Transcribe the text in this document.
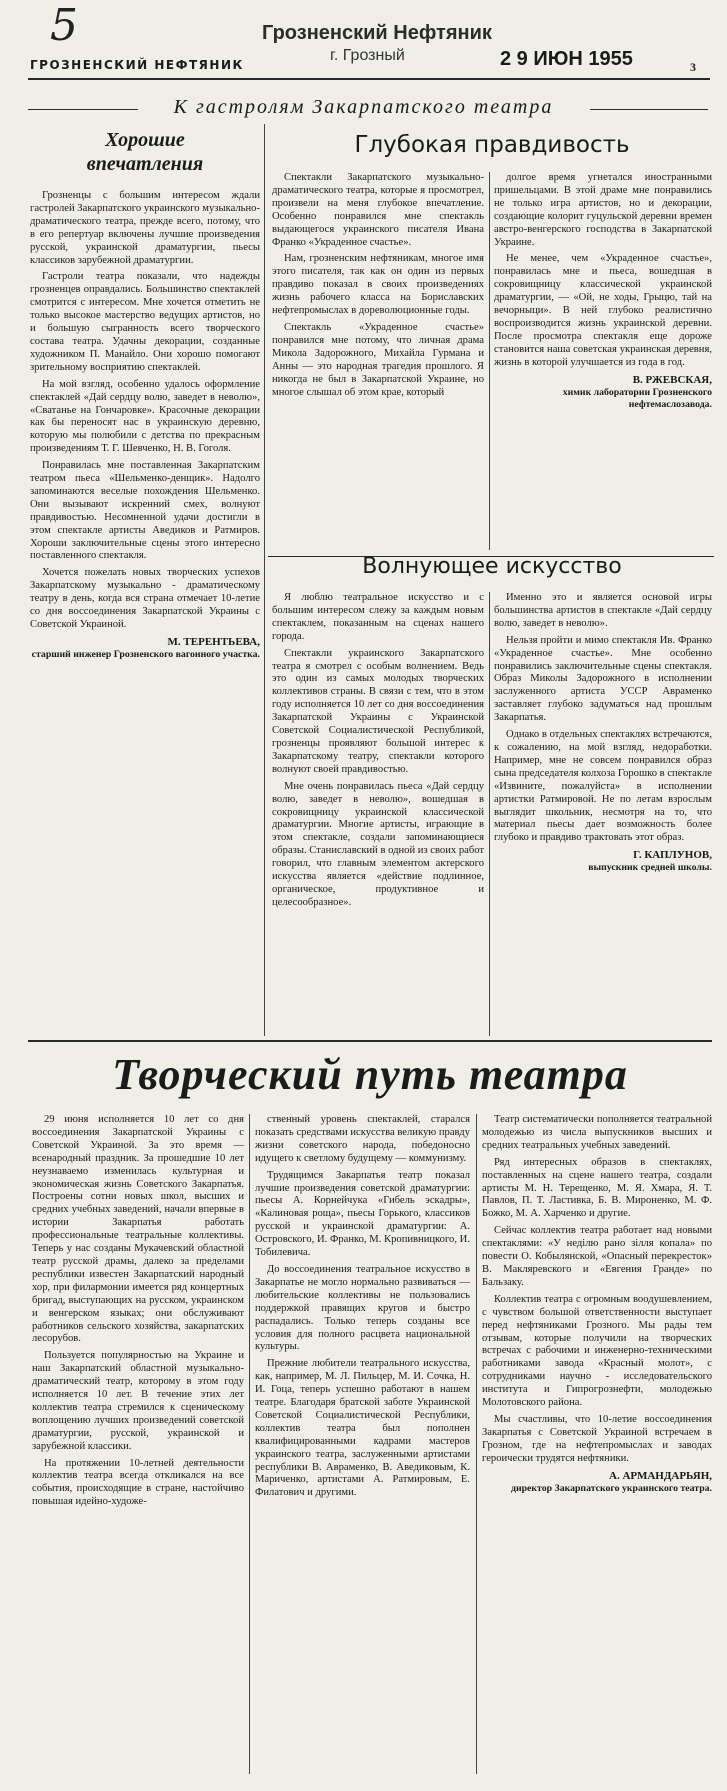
5
ГРОЗНЕНСКИЙ НЕФТЯНИК
Грозненский Нефтяник
г. Грозный	2 9 ИЮН 1955	3
К гастролям Закарпатского театра
Хорошие
впечатления

Грозненцы с большим интересом ждали гастролей Закарпатского украинского музыкально-драматического театра, прежде всего, потому, что в его репертуар включены лучшие произведения русской, украинской драматургии, пьесы классиков зарубежной драматургии.

Гастроли театра показали, что надежды грозненцев оправдались. Большинство спектаклей смотрится с интересом. Мне хочется отметить не только высокое мастерство ведущих артистов, но и большую сыгранность всего творческого состава театра. Удачны декорации, созданные художником П. Манайло. Они хорошо помогают зрительному восприятию спектаклей.

На мой взгляд, особенно удалось оформление спектаклей «Дай сердцу волю, заведет в неволю», «Сватанье на Гончаровке». Красочные декорации как бы переносят нас в украинскую деревню, которую мы полюбили с детства по прекрасным произведениям Т. Г. Шевченко, Н. В. Гоголя.

Понравилась мне поставленная Закарпатским театром пьеса «Шельменко-денщик». Надолго запоминаются веселые похождения Шельменко. Они вызывают искренний смех, волнуют правдивостью. Несомненной удачи достигли в этом спектакле артисты Аведиков и Ратмиров. Хороши заключительные сцены этого интересно поставленного спектакля.

Хочется пожелать новых творческих успехов Закарпатскому музыкально - драматическому театру в день, когда вся страна отмечает 10-летие со дня воссоединения Закарпатской Украины с Советской Украиной.

М. ТЕРЕНТЬЕВА,
старший инженер Грозненского вагонного участка.
Глубокая правдивость

Спектакли Закарпатского музыкально-драматического театра, которые я просмотрел, произвели на меня глубокое впечатление. Особенно понравился мне спектакль выдающегося украинского писателя Ивана Франко «Украденное счастье».

Нам, грозненским нефтяникам, многое имя этого писателя, так как он один из первых правдиво показал в своих произведениях жизнь рабочего класса на Бориславских нефтепромыслах в дореволюционные годы.

Спектакль «Украденное счастье» понравился мне потому, что личная драма Микола Задорожного, Михайла Гурмана и Анны — это народная трагедия прошлого. Я никогда не был в Закарпатской Украине, но многое слышал об этом крае, который

долгое время угнетался иностранными пришельцами. В этой драме мне понравились не только игра артистов, но и декорации, создающие колорит гуцульской деревни времен австро-венгерского господства в Закарпатской Украине.

Не менее, чем «Украденное счастье», понравилась мне и пьеса, вошедшая в сокровищницу классической украинской драматургии, — «Ой, не ходы, Грыцю, тай на вечорныци». В ней глубоко реалистично воспроизводится жизнь украинской деревни. После просмотра спектакля еще дороже становится наша советская украинская деревня, жизнь в которой улучшается из года в год.

В. РЖЕВСКАЯ,
химик лаборатории Грозненского нефтемаслозавода.
Волнующее искусство

Я люблю театральное искусство и с большим интересом слежу за каждым новым спектаклем, показанным на сценах нашего города.

Спектакли украинского Закарпатского театра я смотрел с особым волнением. Ведь это один из самых молодых творческих коллективов страны. В связи с тем, что в этом году исполняется 10 лет со дня воссоединения Закарпатской Украины с Украинской Советской Социалистической Республикой, грозненцы проявляют большой интерес к Закарпатскому театру, спектакли которого волнуют своей правдивостью.

Мне очень понравилась пьеса «Дай сердцу волю, заведет в неволю», вошедшая в сокровищницу украинской классической драматургии. Многие артисты, играющие в этом спектакле, создали запоминающиеся образы. Станиславский в одной из своих работ говорил, что главным элементом актерского искусства является «действие подлинное, органическое, продуктивное и целесообразное».

Именно это и является основой игры большинства артистов в спектакле «Дай сердцу волю, заведет в неволю».

Нельзя пройти и мимо спектакля Ив. Франко «Украденное счастье». Мне особенно понравились заключительные сцены спектакля. Образ Миколы Задорожного в исполнении заслуженного артиста УССР Авраменко заставляет глубоко задуматься над прошлым Закарпатья.

Однако в отдельных спектаклях встречаются, к сожалению, на мой взгляд, недоработки. Например, мне не совсем понравился образ сына председателя колхоза Горошко в спектакле «Извините, пожалуйста» в исполнении артистки Ратмировой. Не по летам взрослым выглядит школьник, несмотря на то, что материал пьесы дает возможность более глубоко и правдиво трактовать этот образ.

Г. КАПЛУНОВ,
выпускник средней школы.
Творческий путь театра

29 июня исполняется 10 лет со дня воссоединения Закарпатской Украины с Советской Украиной. За это время — всенародный праздник. За прошедшие 10 лет неузнаваемо изменилась культурная и экономическая жизнь Советского Закарпатья. Построены сотни новых школ, высших и средних учебных заведений, начали впервые в истории Закарпатья работать профессиональные театральные коллективы. Теперь у нас созданы Мукачевский областной театр русской драмы, далеко за пределами республики известен Закарпатский народный хор, при филармонии имеется ряд концертных бригад, выступающих на русском, украинском и венгерском языках; они обслуживают работников сельского хозяйства, закарпатских лесорубов.

Пользуется популярностью на Украине и наш Закарпатский областной музыкально-драматический театр, которому в этом году исполняется 10 лет. В течение этих лет коллектив театра стремился к сценическому воплощению лучших произведений советской драматургии, русской, украинской и зарубежной классики.

На протяжении 10-летней деятельности коллектив театра всегда откликался на все события, происходящие в стране, настойчиво повышая идейно-художе-

ственный уровень спектаклей, старался показать средствами искусства великую правду жизни советского народа, победоносно идущего к светлому будущему — коммунизму.

Трудящимся Закарпатья театр показал лучшие произведения советской драматургии: пьесы А. Корнейчука «Гибель эскадры», «Калиновая роща», пьесы Горького, классиков русской и украинской драматургии: А. Островского, И. Франко, М. Кропивницкого, И. Тобилевича.

До воссоединения театральное искусство в Закарпатье не могло нормально развиваться — любительские коллективы не пользовались поддержкой правящих кругов и быстро распадались. Только теперь созданы все условия для полного расцвета национальной культуры.

Прежние любители театрального искусства, как, например, М. Л. Пильцер, М. И. Сочка, Н. И. Гоца, теперь успешно работают в нашем театре. Благодаря братской заботе Украинской Советской Социалистической Республики, коллектив театра был пополнен квалифицированными кадрами мастеров украинского театра, заслуженными артистами республики В. Авраменко, В. Аведиковым, К. Мариченко, артистами А. Ратмировым, Е. Филатович и другими.

Театр систематически пополняется театральной молодежью из числа выпускников высших и средних театральных учебных заведений.

Ряд интересных образов в спектаклях, поставленных на сцене нашего театра, создали артисты М. Н. Терещенко, М. Я. Хмара, Я. Т. Павлов, П. Т. Ластивка, Б. В. Мироненко, М. Ф. Божко, М. А. Харченко и другие.

Сейчас коллектив театра работает над новыми спектаклями: «У неділю рано зілля копала» по повести О. Кобылянской, «Опасный перекресток» В. Макляревского и «Евгения Гранде» по Бальзаку.

Коллектив театра с огромным воодушевлением, с чувством большой ответственности выступает перед нефтяниками Грозного. Мы рады тем отзывам, которые получили на творческих встречах с рабочими и инженерно-техническими работниками завода «Красный молот», с сотрудниками научно - исследовательского института и Гипрогрознефти, молодежью Молотовского района.

Мы счастливы, что 10-летие воссоединения Закарпатья с Советской Украиной встречаем в Грозном, где на нефтепромыслах и заводах героически трудятся нефтяники.

А. АРМАНДАРЬЯН,
директор Закарпатского украинского театра.
